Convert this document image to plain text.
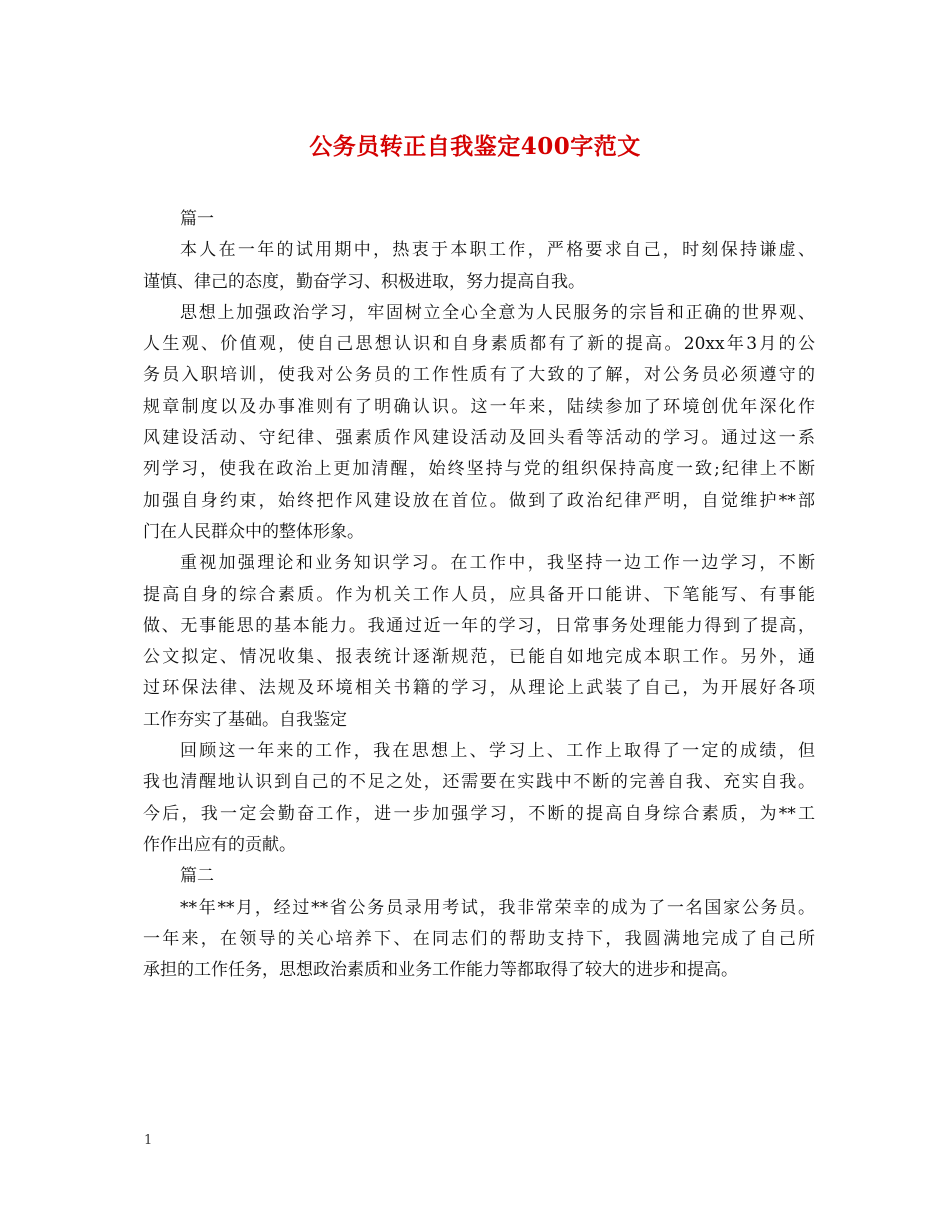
公务员转正自我鉴定400字范文
篇一
本人在一年的试用期中，热衷于本职工作，严格要求自己，时刻保持谦虚、
谨慎、律己的态度，勤奋学习、积极进取，努力提高自我。
思想上加强政治学习，牢固树立全心全意为人民服务的宗旨和正确的世界观、
人生观、价值观，使自己思想认识和自身素质都有了新的提高。20xx年3月的公
务员入职培训，使我对公务员的工作性质有了大致的了解，对公务员必须遵守的
规章制度以及办事准则有了明确认识。这一年来，陆续参加了环境创优年深化作
风建设活动、守纪律、强素质作风建设活动及回头看等活动的学习。通过这一系
列学习，使我在政治上更加清醒，始终坚持与党的组织保持高度一致;纪律上不断
加强自身约束，始终把作风建设放在首位。做到了政治纪律严明，自觉维护**部
门在人民群众中的整体形象。
重视加强理论和业务知识学习。在工作中，我坚持一边工作一边学习，不断
提高自身的综合素质。作为机关工作人员，应具备开口能讲、下笔能写、有事能
做、无事能思的基本能力。我通过近一年的学习，日常事务处理能力得到了提高，
公文拟定、情况收集、报表统计逐渐规范，已能自如地完成本职工作。另外，通
过环保法律、法规及环境相关书籍的学习，从理论上武装了自己，为开展好各项
工作夯实了基础。自我鉴定
回顾这一年来的工作，我在思想上、学习上、工作上取得了一定的成绩，但
我也清醒地认识到自己的不足之处，还需要在实践中不断的完善自我、充实自我。
今后，我一定会勤奋工作，进一步加强学习，不断的提高自身综合素质，为**工
作作出应有的贡献。
篇二
**年**月，经过**省公务员录用考试，我非常荣幸的成为了一名国家公务员。
一年来，在领导的关心培养下、在同志们的帮助支持下，我圆满地完成了自己所
承担的工作任务，思想政治素质和业务工作能力等都取得了较大的进步和提高。
1
